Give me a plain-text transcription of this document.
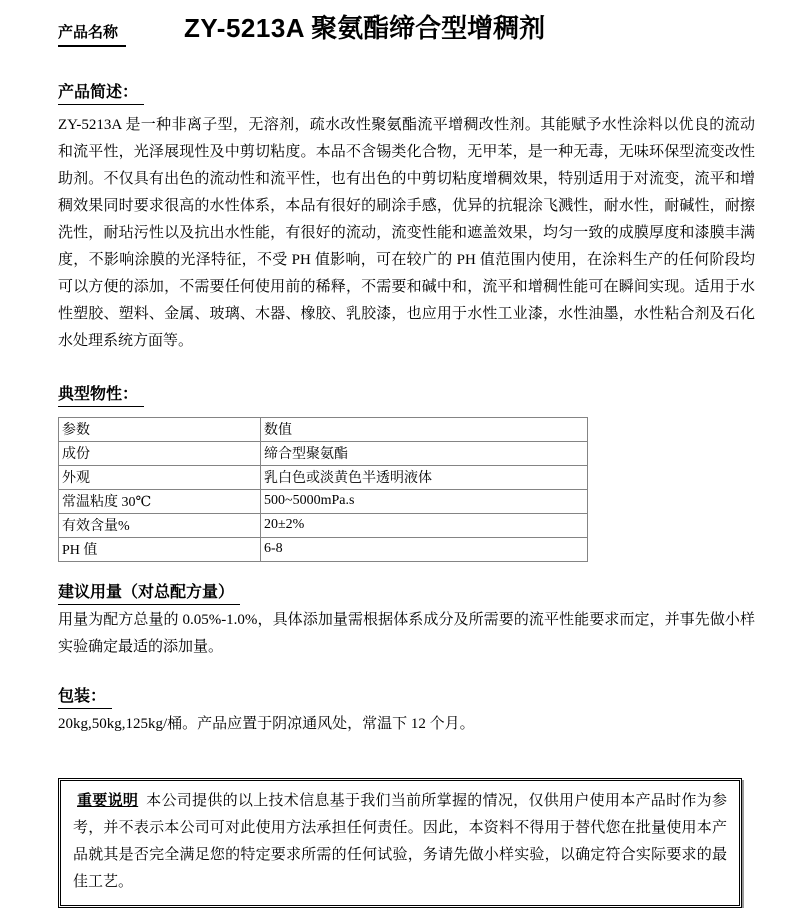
产品名称	ZY-5213A 聚氨酯缔合型增稠剂
产品简述：

ZY-5213A 是一种非离子型，无溶剂，疏水改性聚氨酯流平增稠改性剂。其能赋予水性涂料以优良的流动和流平性，光泽展现性及中剪切粘度。本品不含锡类化合物，无甲苯，是一种无毒，无味环保型流变改性助剂。不仅具有出色的流动性和流平性，也有出色的中剪切粘度增稠效果，特别适用于对流变，流平和增稠效果同时要求很高的水性体系，本品有很好的刷涂手感，优异的抗辊涂飞溅性，耐水性，耐碱性，耐擦洗性，耐玷污性以及抗出水性能，有很好的流动，流变性能和遮盖效果，均匀一致的成膜厚度和漆膜丰满度，不影响涂膜的光泽特征，不受 PH 值影响，可在较广的 PH 值范围内使用，在涂料生产的任何阶段均可以方便的添加，不需要任何使用前的稀释，不需要和碱中和，流平和增稠性能可在瞬间实现。适用于水性塑胶、塑料、金属、玻璃、木器、橡胶、乳胶漆，也应用于水性工业漆，水性油墨，水性粘合剂及石化水处理系统方面等。

典型物性：
参数	数值
成份	缔合型聚氨酯
外观	乳白色或淡黄色半透明液体
常温粘度 30℃	500~5000mPa.s
有效含量%	20±2%
PH 值	6-8
建议用量（对总配方量）

用量为配方总量的 0.05%-1.0%，具体添加量需根据体系成分及所需要的流平性能要求而定，并事先做小样实验确定最适的添加量。

包装：

20kg,50kg,125kg/桶。产品应置于阴凉通风处，常温下 12 个月。

重要说明 本公司提供的以上技术信息基于我们当前所掌握的情况，仅供用户使用本产品时作为参考，并不表示本公司可对此使用方法承担任何责任。因此，本资料不得用于替代您在批量使用本产品就其是否完全满足您的特定要求所需的任何试验，务请先做小样实验，以确定符合实际要求的最佳工艺。
